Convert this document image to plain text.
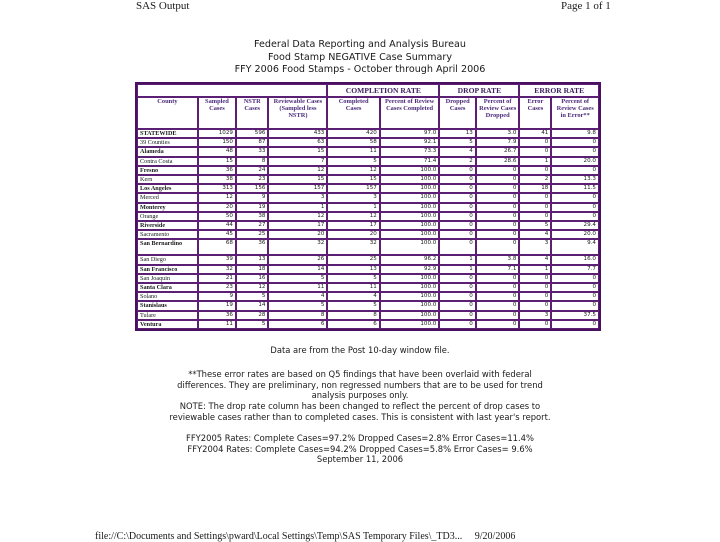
SAS Output	Page 1 of 1
Federal Data Reporting and Analysis Bureau
Food Stamp NEGATIVE Case Summary
FFY 2006 Food Stamps - October through April 2006
				COMPLETION RATE		DROP RATE		ERROR RATE	
County	Sampled Cases	NSTR Cases	Reviewable Cases (Sampled less NSTR)	Completed Cases	Percent of Review Cases Completed	Dropped Cases	Percent of Review Cases Dropped	Error Cases	Percent of Review Cases in Error**
STATEWIDE	1029	596	433	420	97.0	13	3.0	41	9.8
39 Counties	150	87	63	58	92.1	5	7.9	0	0
Alameda	48	33	15	11	73.3	4	26.7	0	0
Contra Costa	15	8	7	5	71.4	2	28.6	1	20.0
Fresno	36	24	12	12	100.0	0	0	0	0
Kern	38	23	15	15	100.0	0	0	2	13.3
Los Angeles	313	156	157	157	100.0	0	0	18	11.5
Merced	12	9	3	3	100.0	0	0	0	0
Monterey	20	19	1	1	100.0	0	0	0	0
Orange	50	38	12	12	100.0	0	0	0	0
Riverside	44	27	17	17	100.0	0	0	5	29.4
Sacramento	45	25	20	20	100.0	0	0	4	20.0
San Bernardino	68	36	32	32	100.0	0	0	3	9.4
San Diego	39	13	26	25	96.2	1	3.8	4	16.0
San Francisco	32	18	14	13	92.9	1	7.1	1	7.7
San Joaquin	21	16	5	5	100.0	0	0	0	0
Santa Clara	23	12	11	11	100.0	0	0	0	0
Solano	9	5	4	4	100.0	0	0	0	0
Stanislaus	19	14	5	5	100.0	0	0	0	0
Tulare	36	28	8	8	100.0	0	0	3	37.5
Ventura	11	5	6	6	100.0	0	0	0	0
Data are from the Post 10-day window file.
**These error rates are based on Q5 findings that have been overlaid with federal
differences. They are preliminary, non regressed numbers that are to be used for trend
analysis purposes only.
NOTE: The drop rate column has been changed to reflect the percent of drop cases to
reviewable cases rather than to completed cases. This is consistent with last year's report.
FFY2005 Rates: Complete Cases=97.2% Dropped Cases=2.8% Error Cases=11.4%
FFY2004 Rates: Complete Cases=94.2% Dropped Cases=5.8% Error Cases= 9.6%
September 11, 2006
file://C:\Documents and Settings\pward\Local Settings\Temp\SAS Temporary Files\_TD3... 9/20/2006
